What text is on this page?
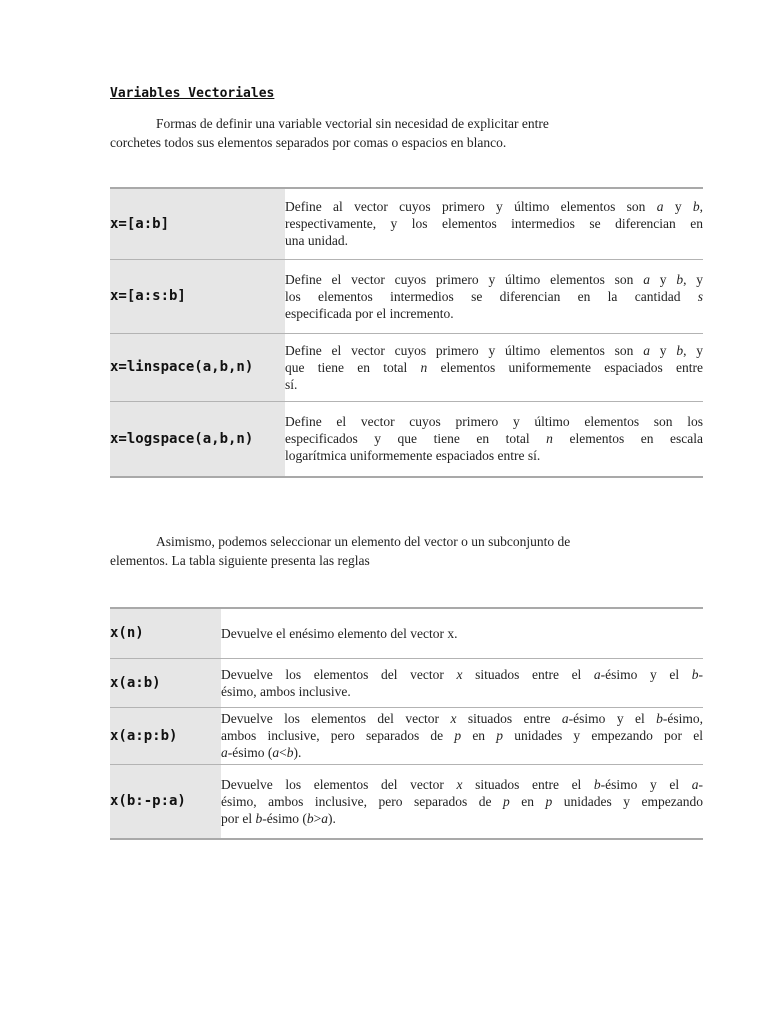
Variables Vectoriales
Formas de definir una variable vectorial sin necesidad de explicitar entre
corchetes todos sus elementos separados por comas o espacios en blanco.
x=[a:b]	Define al vector cuyos primero y último elementos son a y b,
respectivamente, y los elementos intermedios se diferencian en
una unidad.

x=[a:s:b]	Define el vector cuyos primero y último elementos son a y b, y
los elementos intermedios se diferencian en la cantidad s
especificada por el incremento.

x=linspace(a,b,n)	Define el vector cuyos primero y último elementos son a y b, y
que tiene en total n elementos uniformemente espaciados entre
sí.

x=logspace(a,b,n)	Define el vector cuyos primero y último elementos son los
especificados y que tiene en total n elementos en escala
logarítmica uniformemente espaciados entre sí.
Asimismo, podemos seleccionar un elemento del vector o un subconjunto de
elementos. La tabla siguiente presenta las reglas
x(n)	Devuelve el enésimo elemento del vector x.

x(a:b)	Devuelve los elementos del vector x situados entre el a-ésimo y el b-
ésimo, ambos inclusive.

x(a:p:b)	Devuelve los elementos del vector x situados entre a-ésimo y el b-ésimo,
ambos inclusive, pero separados de p en p unidades y empezando por el
a-ésimo (a<b).

x(b:-p:a)	Devuelve los elementos del vector x situados entre el b-ésimo y el a-
ésimo, ambos inclusive, pero separados de p en p unidades y empezando
por el b-ésimo (b>a).
